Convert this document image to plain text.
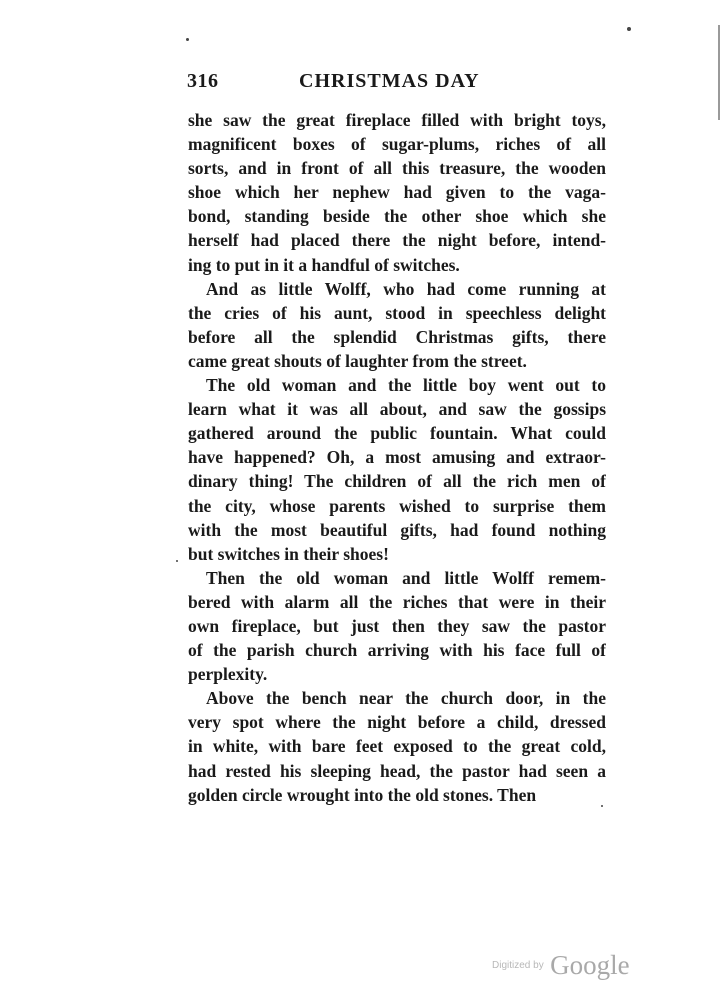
316	CHRISTMAS DAY
she saw the great fireplace filled with bright toys,
magnificent boxes of sugar-plums, riches of all
sorts, and in front of all this treasure, the wooden
shoe which her nephew had given to the vaga-
bond, standing beside the other shoe which she
herself had placed there the night before, intend-
ing to put in it a handful of switches.
And as little Wolff, who had come running at
the cries of his aunt, stood in speechless delight
before all the splendid Christmas gifts, there
came great shouts of laughter from the street.
The old woman and the little boy went out to
learn what it was all about, and saw the gossips
gathered around the public fountain. What could
have happened? Oh, a most amusing and extraor-
dinary thing! The children of all the rich men of
the city, whose parents wished to surprise them
with the most beautiful gifts, had found nothing
but switches in their shoes!
Then the old woman and little Wolff remem-
bered with alarm all the riches that were in their
own fireplace, but just then they saw the pastor
of the parish church arriving with his face full of
perplexity.
Above the bench near the church door, in the
very spot where the night before a child, dressed
in white, with bare feet exposed to the great cold,
had rested his sleeping head, the pastor had seen a
golden circle wrought into the old stones. Then
Digitized by Google
